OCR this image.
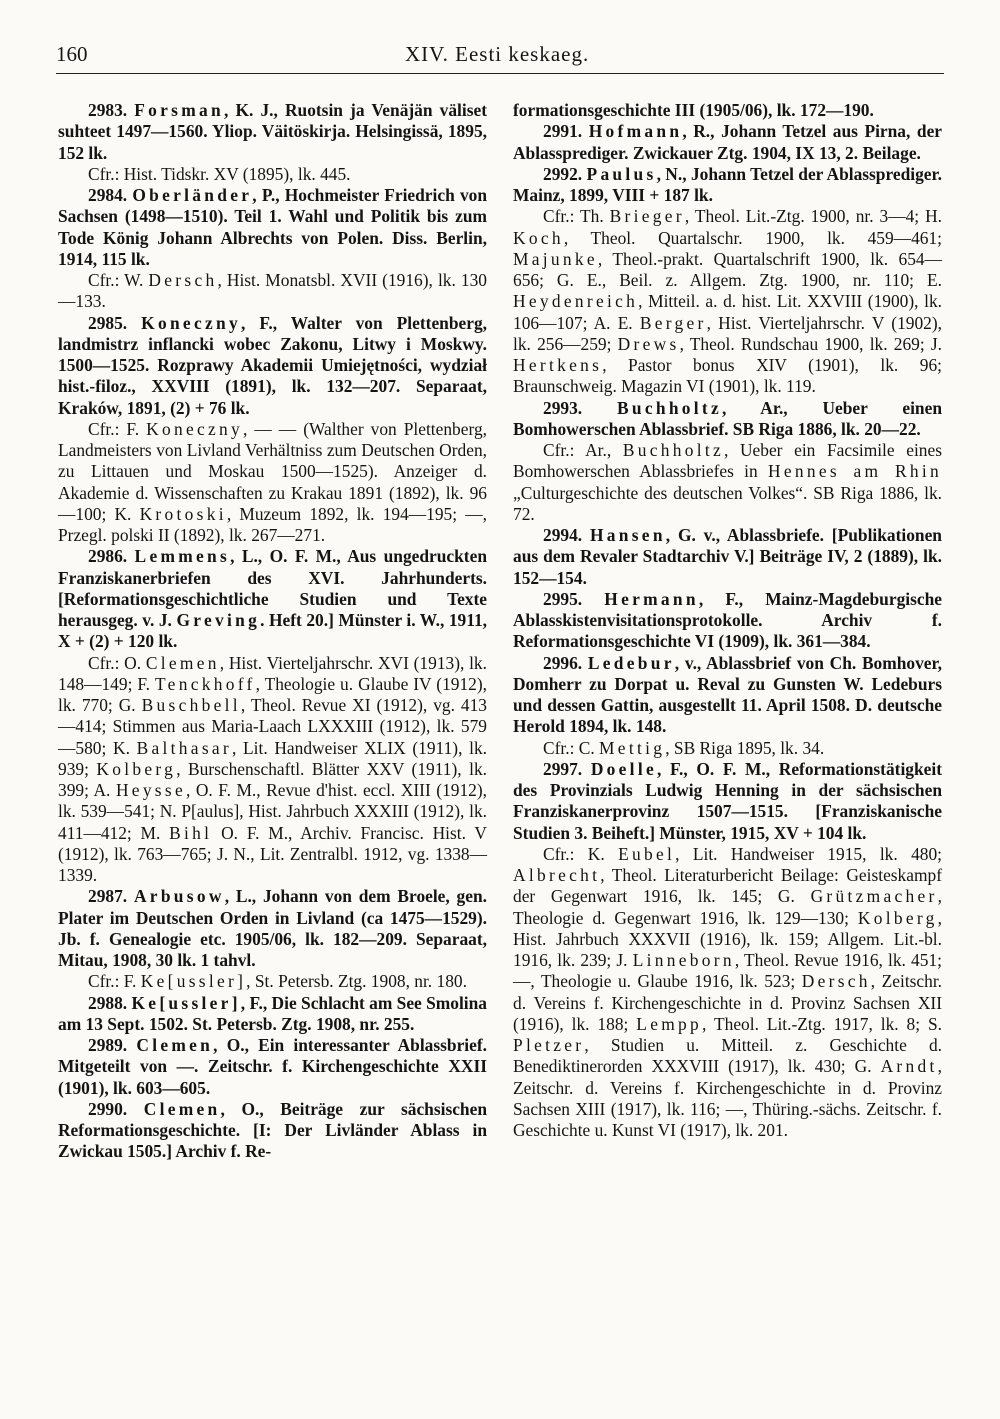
160	XIV. Eesti keskaeg.

2983. Forsman, K. J., Ruotsin ja Venäjän väliset suhteet 1497—1560. Yliop. Väitöskirja. Helsingissä, 1895, 152 lk.

Cfr.: Hist. Tidskr. XV (1895), lk. 445.

2984. Oberländer, P., Hochmeister Friedrich von Sachsen (1498—1510). Teil 1. Wahl und Politik bis zum Tode König Johann Albrechts von Polen. Diss. Berlin, 1914, 115 lk.

Cfr.: W. Dersch, Hist. Monatsbl. XVII (1916), lk. 130—133.

2985. Koneczny, F., Walter von Plettenberg, landmistrz inflancki wobec Zakonu, Litwy i Moskwy. 1500—1525. Rozprawy Akademii Umiejętności, wydział hist.-filoz., XXVIII (1891), lk. 132—207. Separaat, Kraków, 1891, (2) + 76 lk.

Cfr.: F. Koneczny, — — (Walther von Plettenberg, Landmeisters von Livland Verhältniss zum Deutschen Orden, zu Littauen und Moskau 1500—1525). Anzeiger d. Akademie d. Wissenschaften zu Krakau 1891 (1892), lk. 96—100; K. Krotoski, Muzeum 1892, lk. 194—195; —, Przegl. polski II (1892), lk. 267—271.

2986. Lemmens, L., O. F. M., Aus ungedruckten Franziskanerbriefen des XVI. Jahrhunderts. [Reformationsgeschichtliche Studien und Texte herausgeg. v. J. Greving. Heft 20.] Münster i. W., 1911, X + (2) + 120 lk.

Cfr.: O. Clemen, Hist. Vierteljahrschr. XVI (1913), lk. 148—149; F. Tenckhoff, Theologie u. Glaube IV (1912), lk. 770; G. Buschbell, Theol. Revue XI (1912), vg. 413—414; Stimmen aus Maria-Laach LXXXIII (1912), lk. 579—580; K. Balthasar, Lit. Handweiser XLIX (1911), lk. 939; Kolberg, Burschenschaftl. Blätter XXV (1911), lk. 399; A. Heysse, O. F. M., Revue d'hist. eccl. XIII (1912), lk. 539—541; N. P[aulus], Hist. Jahrbuch XXXIII (1912), lk. 411—412; M. Bihl O. F. M., Archiv. Francisc. Hist. V (1912), lk. 763—765; J. N., Lit. Zentralbl. 1912, vg. 1338—1339.

2987. Arbusow, L., Johann von dem Broele, gen. Plater im Deutschen Orden in Livland (ca 1475—1529). Jb. f. Genealogie etc. 1905/06, lk. 182—209. Separaat, Mitau, 1908, 30 lk. 1 tahvl.

Cfr.: F. Ke[ussler], St. Petersb. Ztg. 1908, nr. 180.

2988. Ke[ussler], F., Die Schlacht am See Smolina am 13 Sept. 1502. St. Petersb. Ztg. 1908, nr. 255.

2989. Clemen, O., Ein interessanter Ablassbrief. Mitgeteilt von —. Zeitschr. f. Kirchengeschichte XXII (1901), lk. 603—605.

2990. Clemen, O., Beiträge zur sächsischen Reformationsgeschichte. [I: Der Livländer Ablass in Zwickau 1505.] Archiv f. Re-

formationsgeschichte III (1905/06), lk. 172—190.

2991. Hofmann, R., Johann Tetzel aus Pirna, der Ablassprediger. Zwickauer Ztg. 1904, IX 13, 2. Beilage.

2992. Paulus, N., Johann Tetzel der Ablassprediger. Mainz, 1899, VIII + 187 lk.

Cfr.: Th. Brieger, Theol. Lit.-Ztg. 1900, nr. 3—4; H. Koch, Theol. Quartalschr. 1900, lk. 459—461; Majunke, Theol.-prakt. Quartalschrift 1900, lk. 654—656; G. E., Beil. z. Allgem. Ztg. 1900, nr. 110; E. Heydenreich, Mitteil. a. d. hist. Lit. XXVIII (1900), lk. 106—107; A. E. Berger, Hist. Vierteljahrschr. V (1902), lk. 256—259; Drews, Theol. Rundschau 1900, lk. 269; J. Hertkens, Pastor bonus XIV (1901), lk. 96; Braunschweig. Magazin VI (1901), lk. 119.

2993. Buchholtz, Ar., Ueber einen Bomhowerschen Ablassbrief. SB Riga 1886, lk. 20—22.

Cfr.: Ar., Buchholtz, Ueber ein Facsimile eines Bomhowerschen Ablassbriefes in Hennes am Rhin „Culturgeschichte des deutschen Volkes“. SB Riga 1886, lk. 72.

2994. Hansen, G. v., Ablassbriefe. [Publikationen aus dem Revaler Stadtarchiv V.] Beiträge IV, 2 (1889), lk. 152—154.

2995. Hermann, F., Mainz-Magdeburgische Ablasskistenvisitationsprotokolle. Archiv f. Reformationsgeschichte VI (1909), lk. 361—384.

2996. Ledebur, v., Ablassbrief von Ch. Bomhover, Domherr zu Dorpat u. Reval zu Gunsten W. Ledeburs und dessen Gattin, ausgestellt 11. April 1508. D. deutsche Herold 1894, lk. 148.

Cfr.: C. Mettig, SB Riga 1895, lk. 34.

2997. Doelle, F., O. F. M., Reformationstätigkeit des Provinzials Ludwig Henning in der sächsischen Franziskanerprovinz 1507—1515. [Franziskanische Studien 3. Beiheft.] Münster, 1915, XV + 104 lk.

Cfr.: K. Eubel, Lit. Handweiser 1915, lk. 480; Albrecht, Theol. Literaturbericht Beilage: Geisteskampf der Gegenwart 1916, lk. 145; G. Grützmacher, Theologie d. Gegenwart 1916, lk. 129—130; Kolberg, Hist. Jahrbuch XXXVII (1916), lk. 159; Allgem. Lit.-bl. 1916, lk. 239; J. Linneborn, Theol. Revue 1916, lk. 451; —, Theologie u. Glaube 1916, lk. 523; Dersch, Zeitschr. d. Vereins f. Kirchengeschichte in d. Provinz Sachsen XII (1916), lk. 188; Lempp, Theol. Lit.-Ztg. 1917, lk. 8; S. Pletzer, Studien u. Mitteil. z. Geschichte d. Benediktinerorden XXXVIII (1917), lk. 430; G. Arndt, Zeitschr. d. Vereins f. Kirchengeschichte in d. Provinz Sachsen XIII (1917), lk. 116; —, Thüring.-sächs. Zeitschr. f. Geschichte u. Kunst VI (1917), lk. 201.
